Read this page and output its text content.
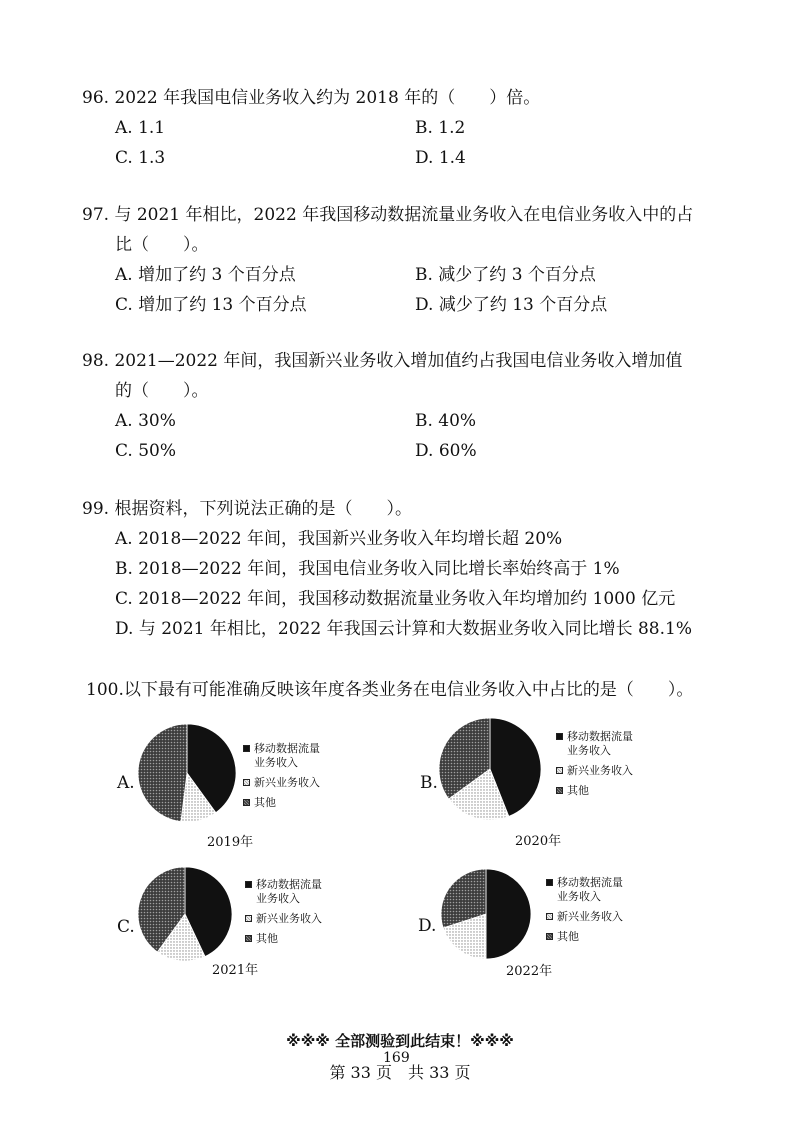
96. 2022 年我国电信业务收入约为 2018 年的（　　）倍。
A. 1.1	B. 1.2
C. 1.3	D. 1.4
97. 与 2021 年相比，2022 年我国移动数据流量业务收入在电信业务收入中的占
比（　　）。
A. 增加了约 3 个百分点	B. 减少了约 3 个百分点
C. 增加了约 13 个百分点	D. 减少了约 13 个百分点
98. 2021—2022 年间，我国新兴业务收入增加值约占我国电信业务收入增加值
的（　　）。
A. 30%	B. 40%
C. 50%	D. 60%
99. 根据资料，下列说法正确的是（　　）。
A. 2018—2022 年间，我国新兴业务收入年均增长超 20%
B. 2018—2022 年间，我国电信业务收入同比增长率始终高于 1%
C. 2018—2022 年间，我国移动数据流量业务收入年均增加约 1000 亿元
D. 与 2021 年相比，2022 年我国云计算和大数据业务收入同比增长 88.1%
100.以下最有可能准确反映该年度各类业务在电信业务收入中占比的是（　　）。
A.
移动数据流量
业务收入
新兴业务收入
其他
2019年
B.
移动数据流量
业务收入
新兴业务收入
其他
2020年
C.
移动数据流量
业务收入
新兴业务收入
其他
2021年
D.
移动数据流量
业务收入
新兴业务收入
其他
2022年
※※※ 全部测验到此结束！※※※
169
第 33 页　共 33 页
